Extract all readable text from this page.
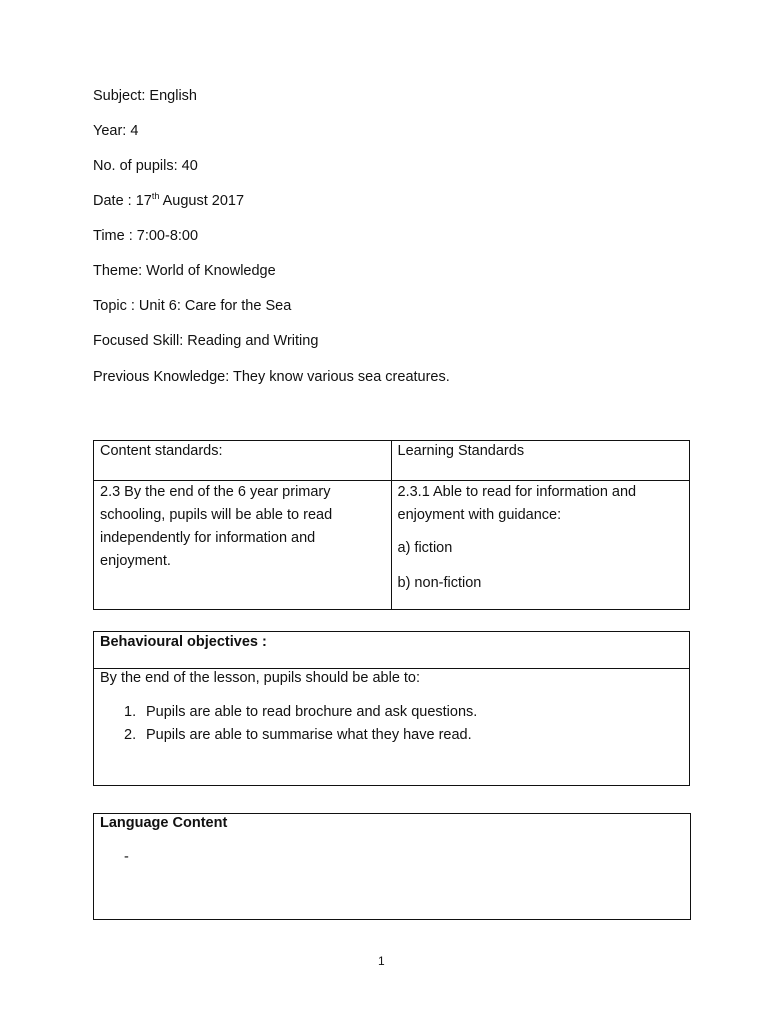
Subject: English
Year: 4
No. of pupils: 40
Date : 17th August 2017
Time : 7:00-8:00
Theme: World of Knowledge
Topic : Unit 6: Care for the Sea
Focused Skill: Reading and Writing
Previous Knowledge: They know various sea creatures.
Content standards:	Learning Standards

2.3 By the end of the 6 year primary schooling, pupils will be able to read independently for information and enjoyment.	2.3.1 Able to read for information and enjoyment with guidance:
a) fiction
b) non-fiction
Behavioural objectives :

By the end of the lesson, pupils should be able to:
1. Pupils are able to read brochure and ask questions.
2. Pupils are able to summarise what they have read.
Language Content
-
1
